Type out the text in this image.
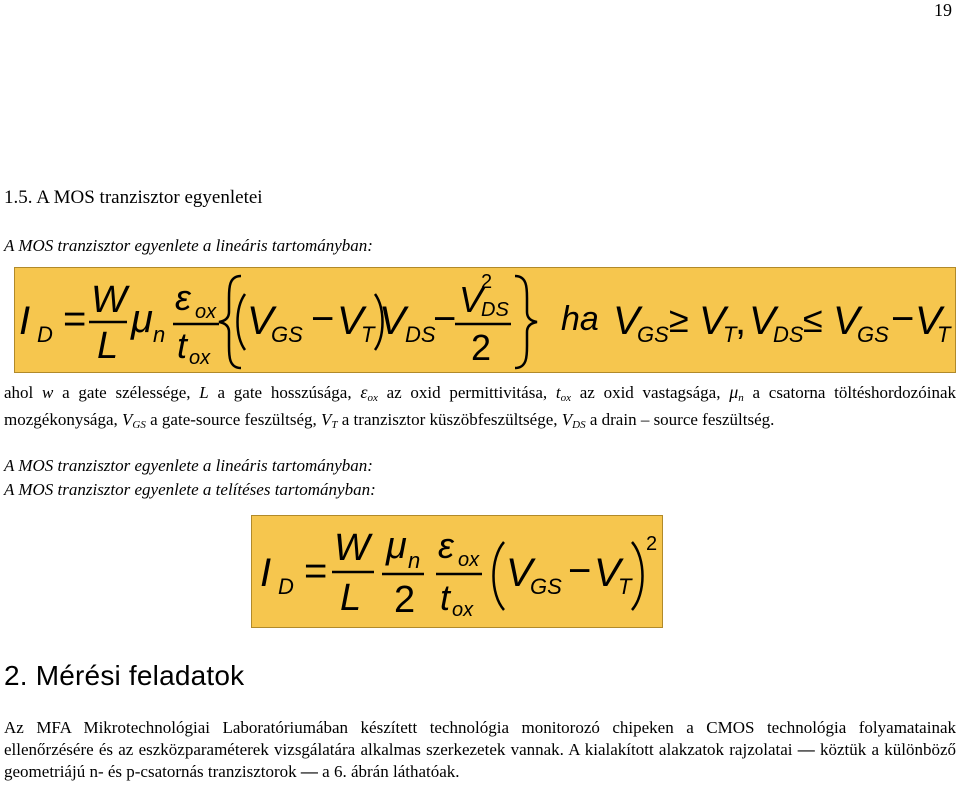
19
1.5. A MOS tranzisztor egyenletei
A MOS tranzisztor egyenlete a lineáris tartományban:
I D = W
L
μ n
ε ox
t ox
V
GS − V
T V DS
− V
2
DS
2
ha V
GS ≥ V
T
, V
DS ≤ V
GS − V
T
ahol w a gate szélessége, L a gate hosszúsága, $\varepsilon_{ox}$ az oxid permittivitása, $t_{ox}$ az oxid vastagsága, $\mu_n$ a csatorna töltéshordozóinak mozgékonysága, $V_{GS}$ a gate-source feszültség, $V_T$ a tranzisztor küszöbfeszültsége, $V_{DS}$ a drain – source feszültség.
A MOS tranzisztor egyenlete a lineáris tartományban:
A MOS tranzisztor egyenlete a telítéses tartományban:
I D =
W
L
μ n
2
ε ox
t ox
V
GS − V
T
2
2. Mérési feladatok
Az MFA Mikrotechnológiai Laboratóriumában készített technológia monitorozó chipeken a CMOS technológia folyamatainak ellenőrzésére és az eszközparaméterek vizsgálatára alkalmas szerkezetek vannak. A kialakított alakzatok rajzolatai — köztük a különböző geometriájú n- és p-csatornás tranzisztorok — a 6. ábrán láthatóak.
